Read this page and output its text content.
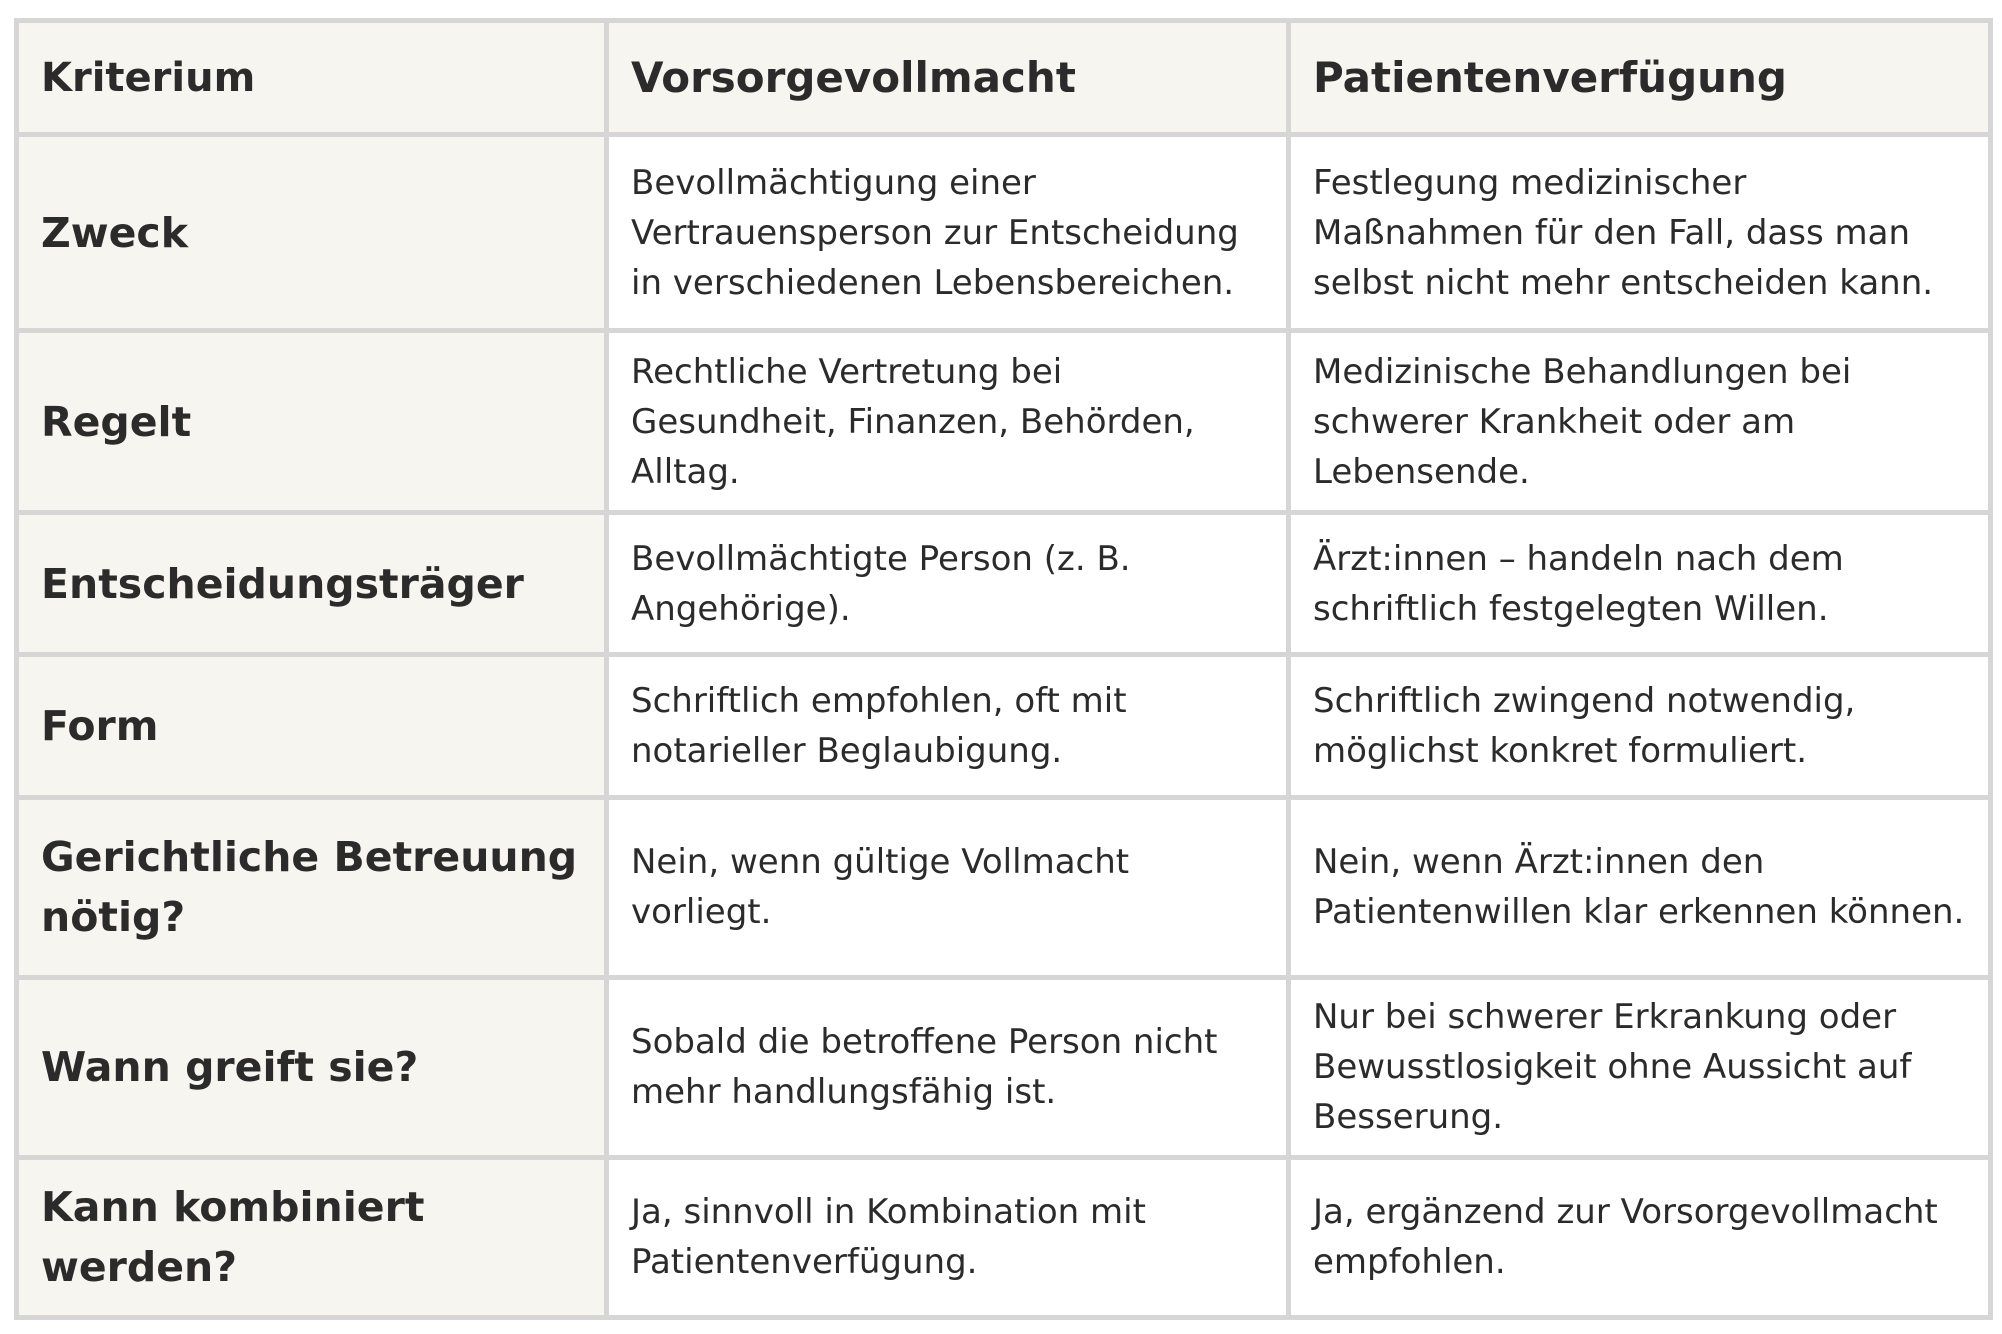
Kriterium	Vorsorgevollmacht	Patientenverfügung
Zweck	Bevollmächtigung einer Vertrauensperson zur Entscheidung in verschiedenen Lebensbereichen.	Festlegung medizinischer Maßnahmen für den Fall, dass man selbst nicht mehr entscheiden kann.
Regelt	Rechtliche Vertretung bei Gesundheit, Finanzen, Behörden, Alltag.	Medizinische Behandlungen bei schwerer Krankheit oder am Lebensende.
Entscheidungsträger	Bevollmächtigte Person (z. B. Angehörige).	Ärzt:innen – handeln nach dem schriftlich festgelegten Willen.
Form	Schriftlich empfohlen, oft mit notarieller Beglaubigung.	Schriftlich zwingend notwendig, möglichst konkret formuliert.
Gerichtliche Betreuung nötig?	Nein, wenn gültige Vollmacht vorliegt.	Nein, wenn Ärzt:innen den Patientenwillen klar erkennen können.
Wann greift sie?	Sobald die betroffene Person nicht mehr handlungsfähig ist.	Nur bei schwerer Erkrankung oder Bewusstlosigkeit ohne Aussicht auf Besserung.
Kann kombiniert werden?	Ja, sinnvoll in Kombination mit Patientenverfügung.	Ja, ergänzend zur Vorsorgevollmacht empfohlen.
